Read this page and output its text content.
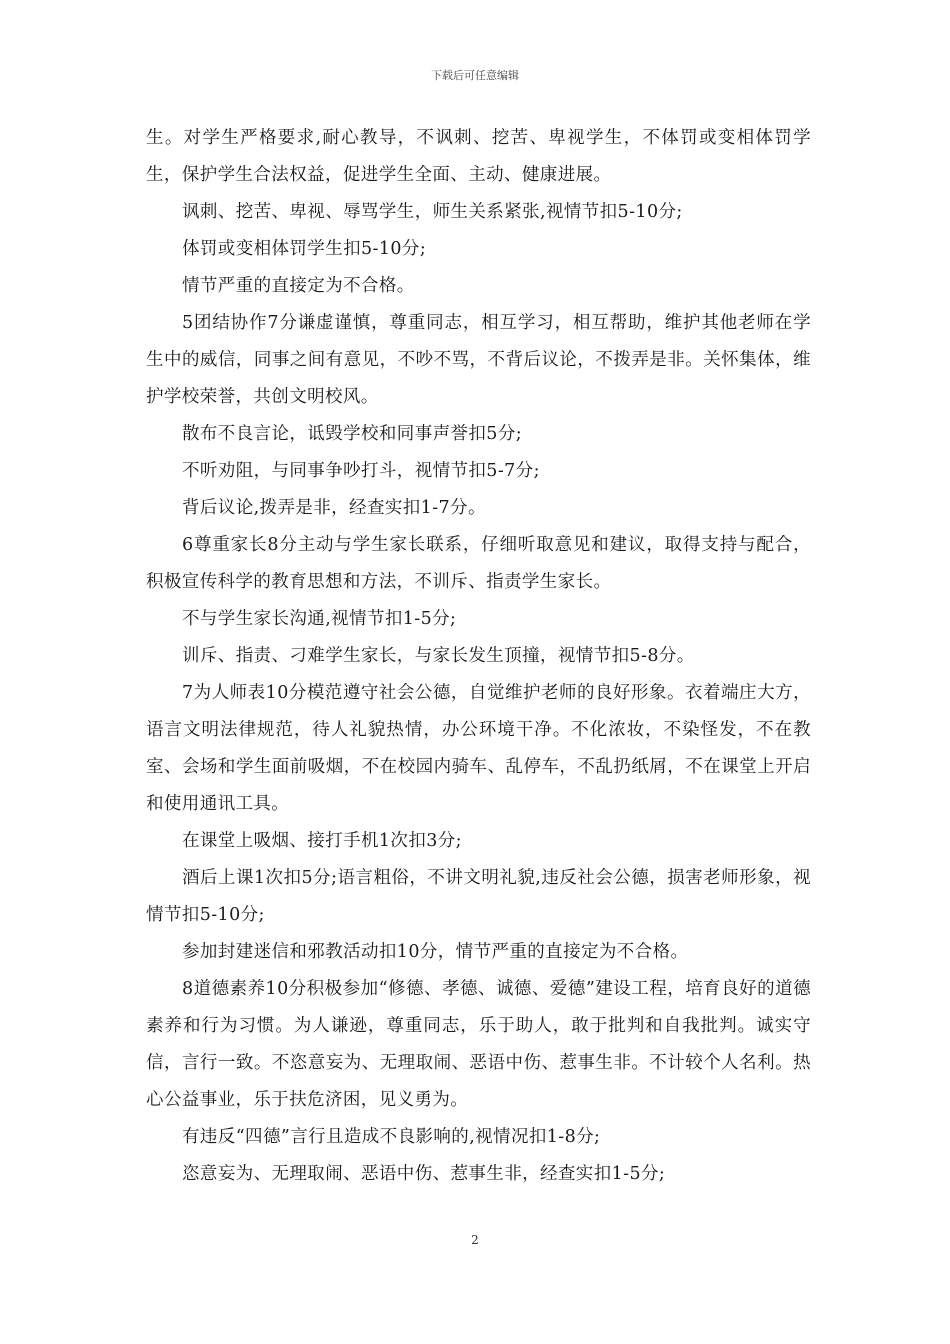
下载后可任意编辑

生。对学生严格要求,耐心教导，不讽刺、挖苦、卑视学生，不体罚或变相体罚学生，保护学生合法权益，促进学生全面、主动、健康进展。

讽刺、挖苦、卑视、辱骂学生，师生关系紧张,视情节扣5-10分;

体罚或变相体罚学生扣5-10分;

情节严重的直接定为不合格。

5团结协作7分谦虚谨慎，尊重同志，相互学习，相互帮助，维护其他老师在学生中的威信，同事之间有意见，不吵不骂，不背后议论，不拨弄是非。关怀集体，维护学校荣誉，共创文明校风。

散布不良言论，诋毁学校和同事声誉扣5分;

不听劝阻，与同事争吵打斗，视情节扣5-7分;

背后议论,拨弄是非，经查实扣1-7分。

6尊重家长8分主动与学生家长联系，仔细听取意见和建议，取得支持与配合，积极宣传科学的教育思想和方法，不训斥、指责学生家长。

不与学生家长沟通,视情节扣1-5分;

训斥、指责、刁难学生家长，与家长发生顶撞，视情节扣5-8分。

7为人师表10分模范遵守社会公德，自觉维护老师的良好形象。衣着端庄大方，语言文明法律规范，待人礼貌热情，办公环境干净。不化浓妆，不染怪发，不在教室、会场和学生面前吸烟，不在校园内骑车、乱停车，不乱扔纸屑，不在课堂上开启和使用通讯工具。

在课堂上吸烟、接打手机1次扣3分;

酒后上课1次扣5分;语言粗俗，不讲文明礼貌,违反社会公德，损害老师形象，视情节扣5-10分;

参加封建迷信和邪教活动扣10分，情节严重的直接定为不合格。

8道德素养10分积极参加“修德、孝德、诚德、爱德”建设工程，培育良好的道德素养和行为习惯。为人谦逊，尊重同志，乐于助人，敢于批判和自我批判。诚实守信，言行一致。不恣意妄为、无理取闹、恶语中伤、惹事生非。不计较个人名利。热心公益事业，乐于扶危济困，见义勇为。

有违反“四德”言行且造成不良影响的,视情况扣1-8分;

恣意妄为、无理取闹、恶语中伤、惹事生非，经查实扣1-5分;

2
